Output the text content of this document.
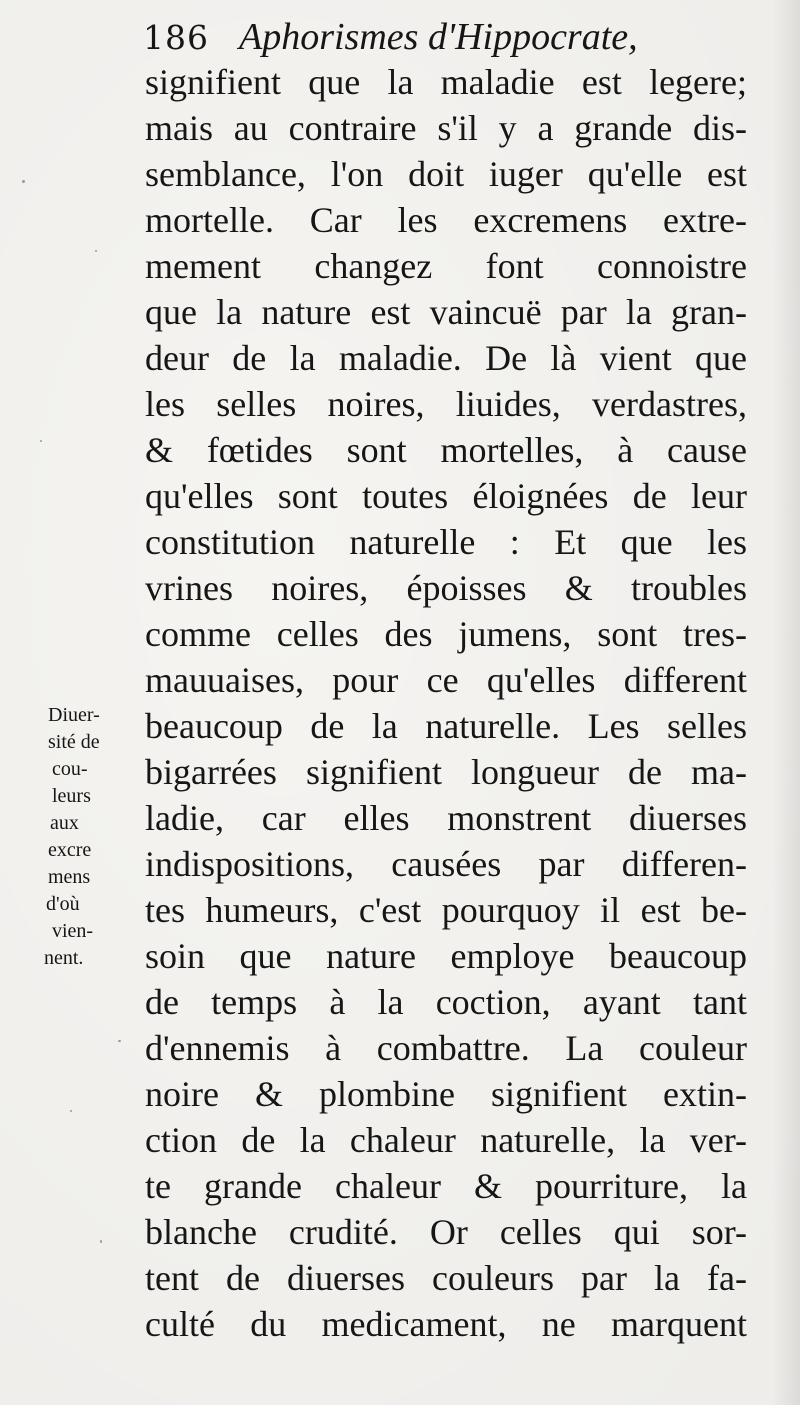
186 Aphorismes d'Hippocrate,
signifient que la maladie est legere;
mais au contraire s'il y a grande dis-
semblance, l'on doit iuger qu'elle est
mortelle. Car les excremens extre-
mement changez font connoistre
que la nature est vaincuë par la gran-
deur de la maladie. De là vient que
les selles noires, liuides, verdastres,
& fœtides sont mortelles, à cause
qu'elles sont toutes éloignées de leur
constitution naturelle : Et que les
vrines noires, époisses & troubles
comme celles des jumens, sont tres-
mauuaises, pour ce qu'elles different
beaucoup de la naturelle. Les selles
bigarrées signifient longueur de ma-
ladie, car elles monstrent diuerses
indispositions, causées par differen-
tes humeurs, c'est pourquoy il est be-
soin que nature employe beaucoup
de temps à la coction, ayant tant
d'ennemis à combattre. La couleur
noire & plombine signifient extin-
ction de la chaleur naturelle, la ver-
te grande chaleur & pourriture, la
blanche crudité. Or celles qui sor-
tent de diuerses couleurs par la fa-
culté du medicament, ne marquent
Diuer-
sité de
cou-
leurs
aux
excre
mens
d'où
vien-
nent.
